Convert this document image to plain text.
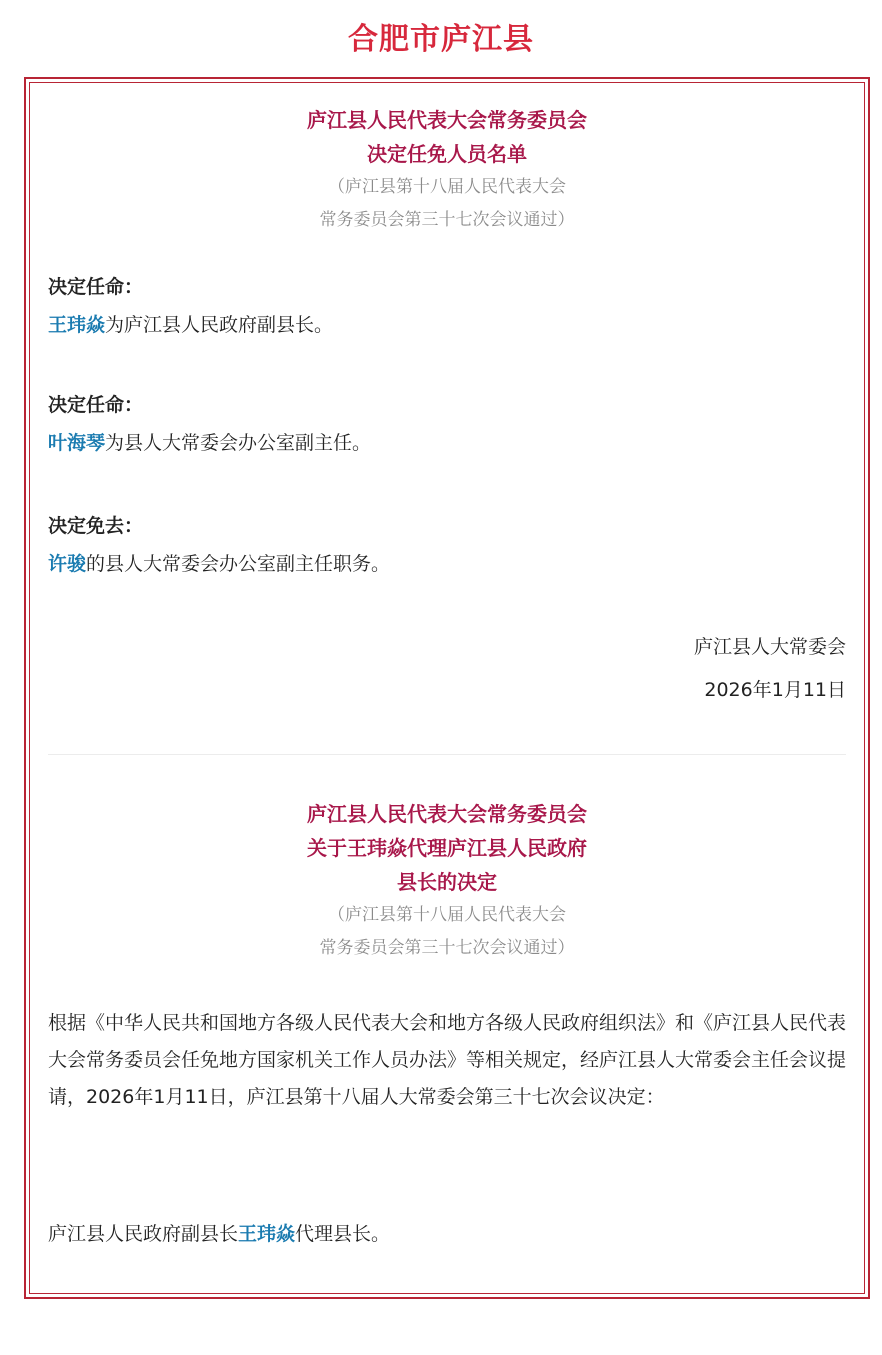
合肥市庐江县
庐江县人民代表大会常务委员会
决定任免人员名单
（庐江县第十八届人民代表大会
常务委员会第三十七次会议通过）
决定任命：
王玮焱为庐江县人民政府副县长。
决定任命：
叶海琴为县人大常委会办公室副主任。
决定免去：
许骏的县人大常委会办公室副主任职务。
庐江县人大常委会
2026年1月11日
庐江县人民代表大会常务委员会
关于王玮焱代理庐江县人民政府
县长的决定
（庐江县第十八届人民代表大会
常务委员会第三十七次会议通过）
根据《中华人民共和国地方各级人民代表大会和地方各级人民政府组织法》和《庐江县人民代表大会常务委员会任免地方国家机关工作人员办法》等相关规定，经庐江县人大常委会主任会议提请，2026年1月11日，庐江县第十八届人大常委会第三十七次会议决定：
庐江县人民政府副县长王玮焱代理县长。
